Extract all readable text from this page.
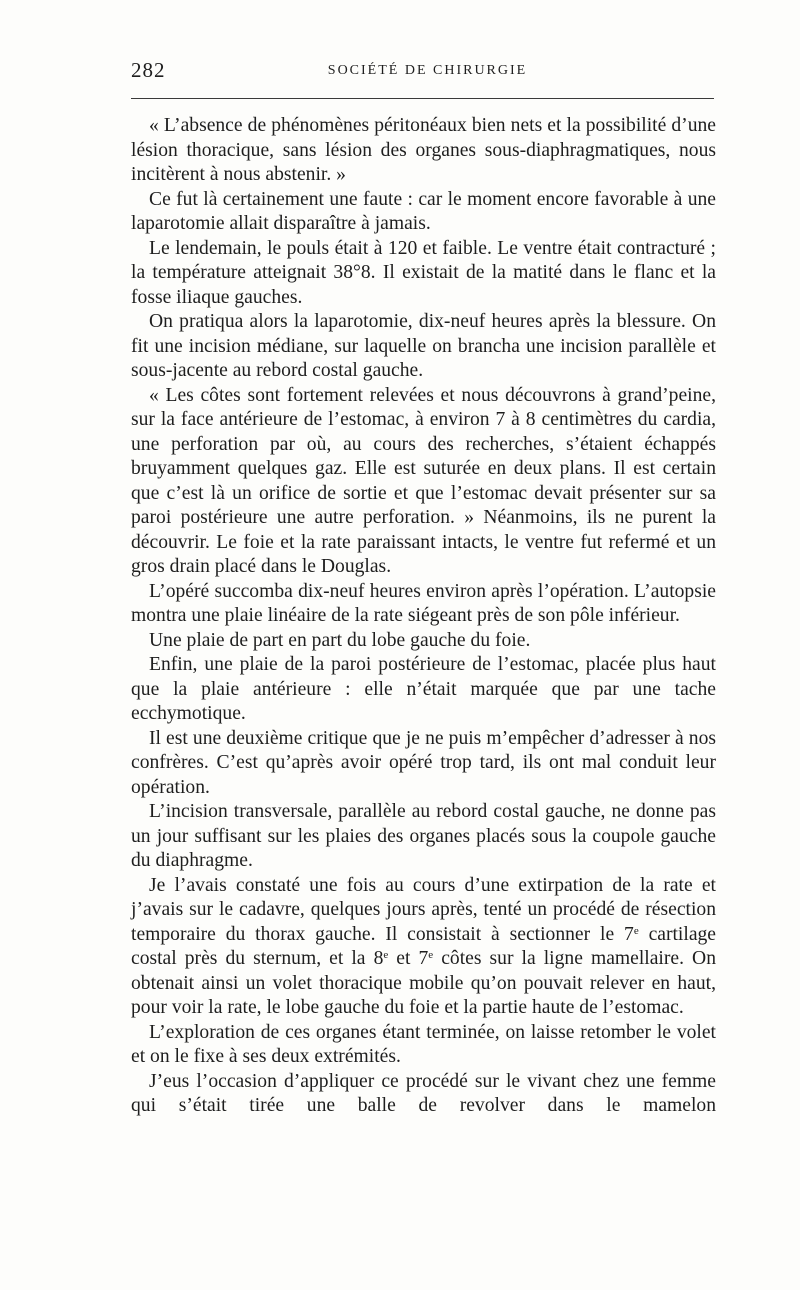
282	SOCIÉTÉ DE CHIRURGIE

« L’absence de phénomènes péritonéaux bien nets et la possibilité d’une lésion thoracique, sans lésion des organes sous-diaphragmatiques, nous incitèrent à nous abstenir. »

Ce fut là certainement une faute : car le moment encore favorable à une laparotomie allait disparaître à jamais.

Le lendemain, le pouls était à 120 et faible. Le ventre était contracturé ; la température atteignait 38°8. Il existait de la matité dans le flanc et la fosse iliaque gauches.

On pratiqua alors la laparotomie, dix-neuf heures après la blessure. On fit une incision médiane, sur laquelle on brancha une incision parallèle et sous-jacente au rebord costal gauche.

« Les côtes sont fortement relevées et nous découvrons à grand’peine, sur la face antérieure de l’estomac, à environ 7 à 8 centimètres du cardia, une perforation par où, au cours des recherches, s’étaient échappés bruyamment quelques gaz. Elle est suturée en deux plans. Il est certain que c’est là un orifice de sortie et que l’estomac devait présenter sur sa paroi postérieure une autre perforation. » Néanmoins, ils ne purent la découvrir. Le foie et la rate paraissant intacts, le ventre fut refermé et un gros drain placé dans le Douglas.

L’opéré succomba dix-neuf heures environ après l’opération. L’autopsie montra une plaie linéaire de la rate siégeant près de son pôle inférieur.

Une plaie de part en part du lobe gauche du foie.

Enfin, une plaie de la paroi postérieure de l’estomac, placée plus haut que la plaie antérieure : elle n’était marquée que par une tache ecchymotique.

Il est une deuxième critique que je ne puis m’empêcher d’adresser à nos confrères. C’est qu’après avoir opéré trop tard, ils ont mal conduit leur opération.

L’incision transversale, parallèle au rebord costal gauche, ne donne pas un jour suffisant sur les plaies des organes placés sous la coupole gauche du diaphragme.

Je l’avais constaté une fois au cours d’une extirpation de la rate et j’avais sur le cadavre, quelques jours après, tenté un procédé de résection temporaire du thorax gauche. Il consistait à sectionner le 7e cartilage costal près du sternum, et la 8e et 7e côtes sur la ligne mamellaire. On obtenait ainsi un volet thoracique mobile qu’on pouvait relever en haut, pour voir la rate, le lobe gauche du foie et la partie haute de l’estomac.

L’exploration de ces organes étant terminée, on laisse retomber le volet et on le fixe à ses deux extrémités.

J’eus l’occasion d’appliquer ce procédé sur le vivant chez une femme qui s’était tirée une balle de revolver dans le mamelon
